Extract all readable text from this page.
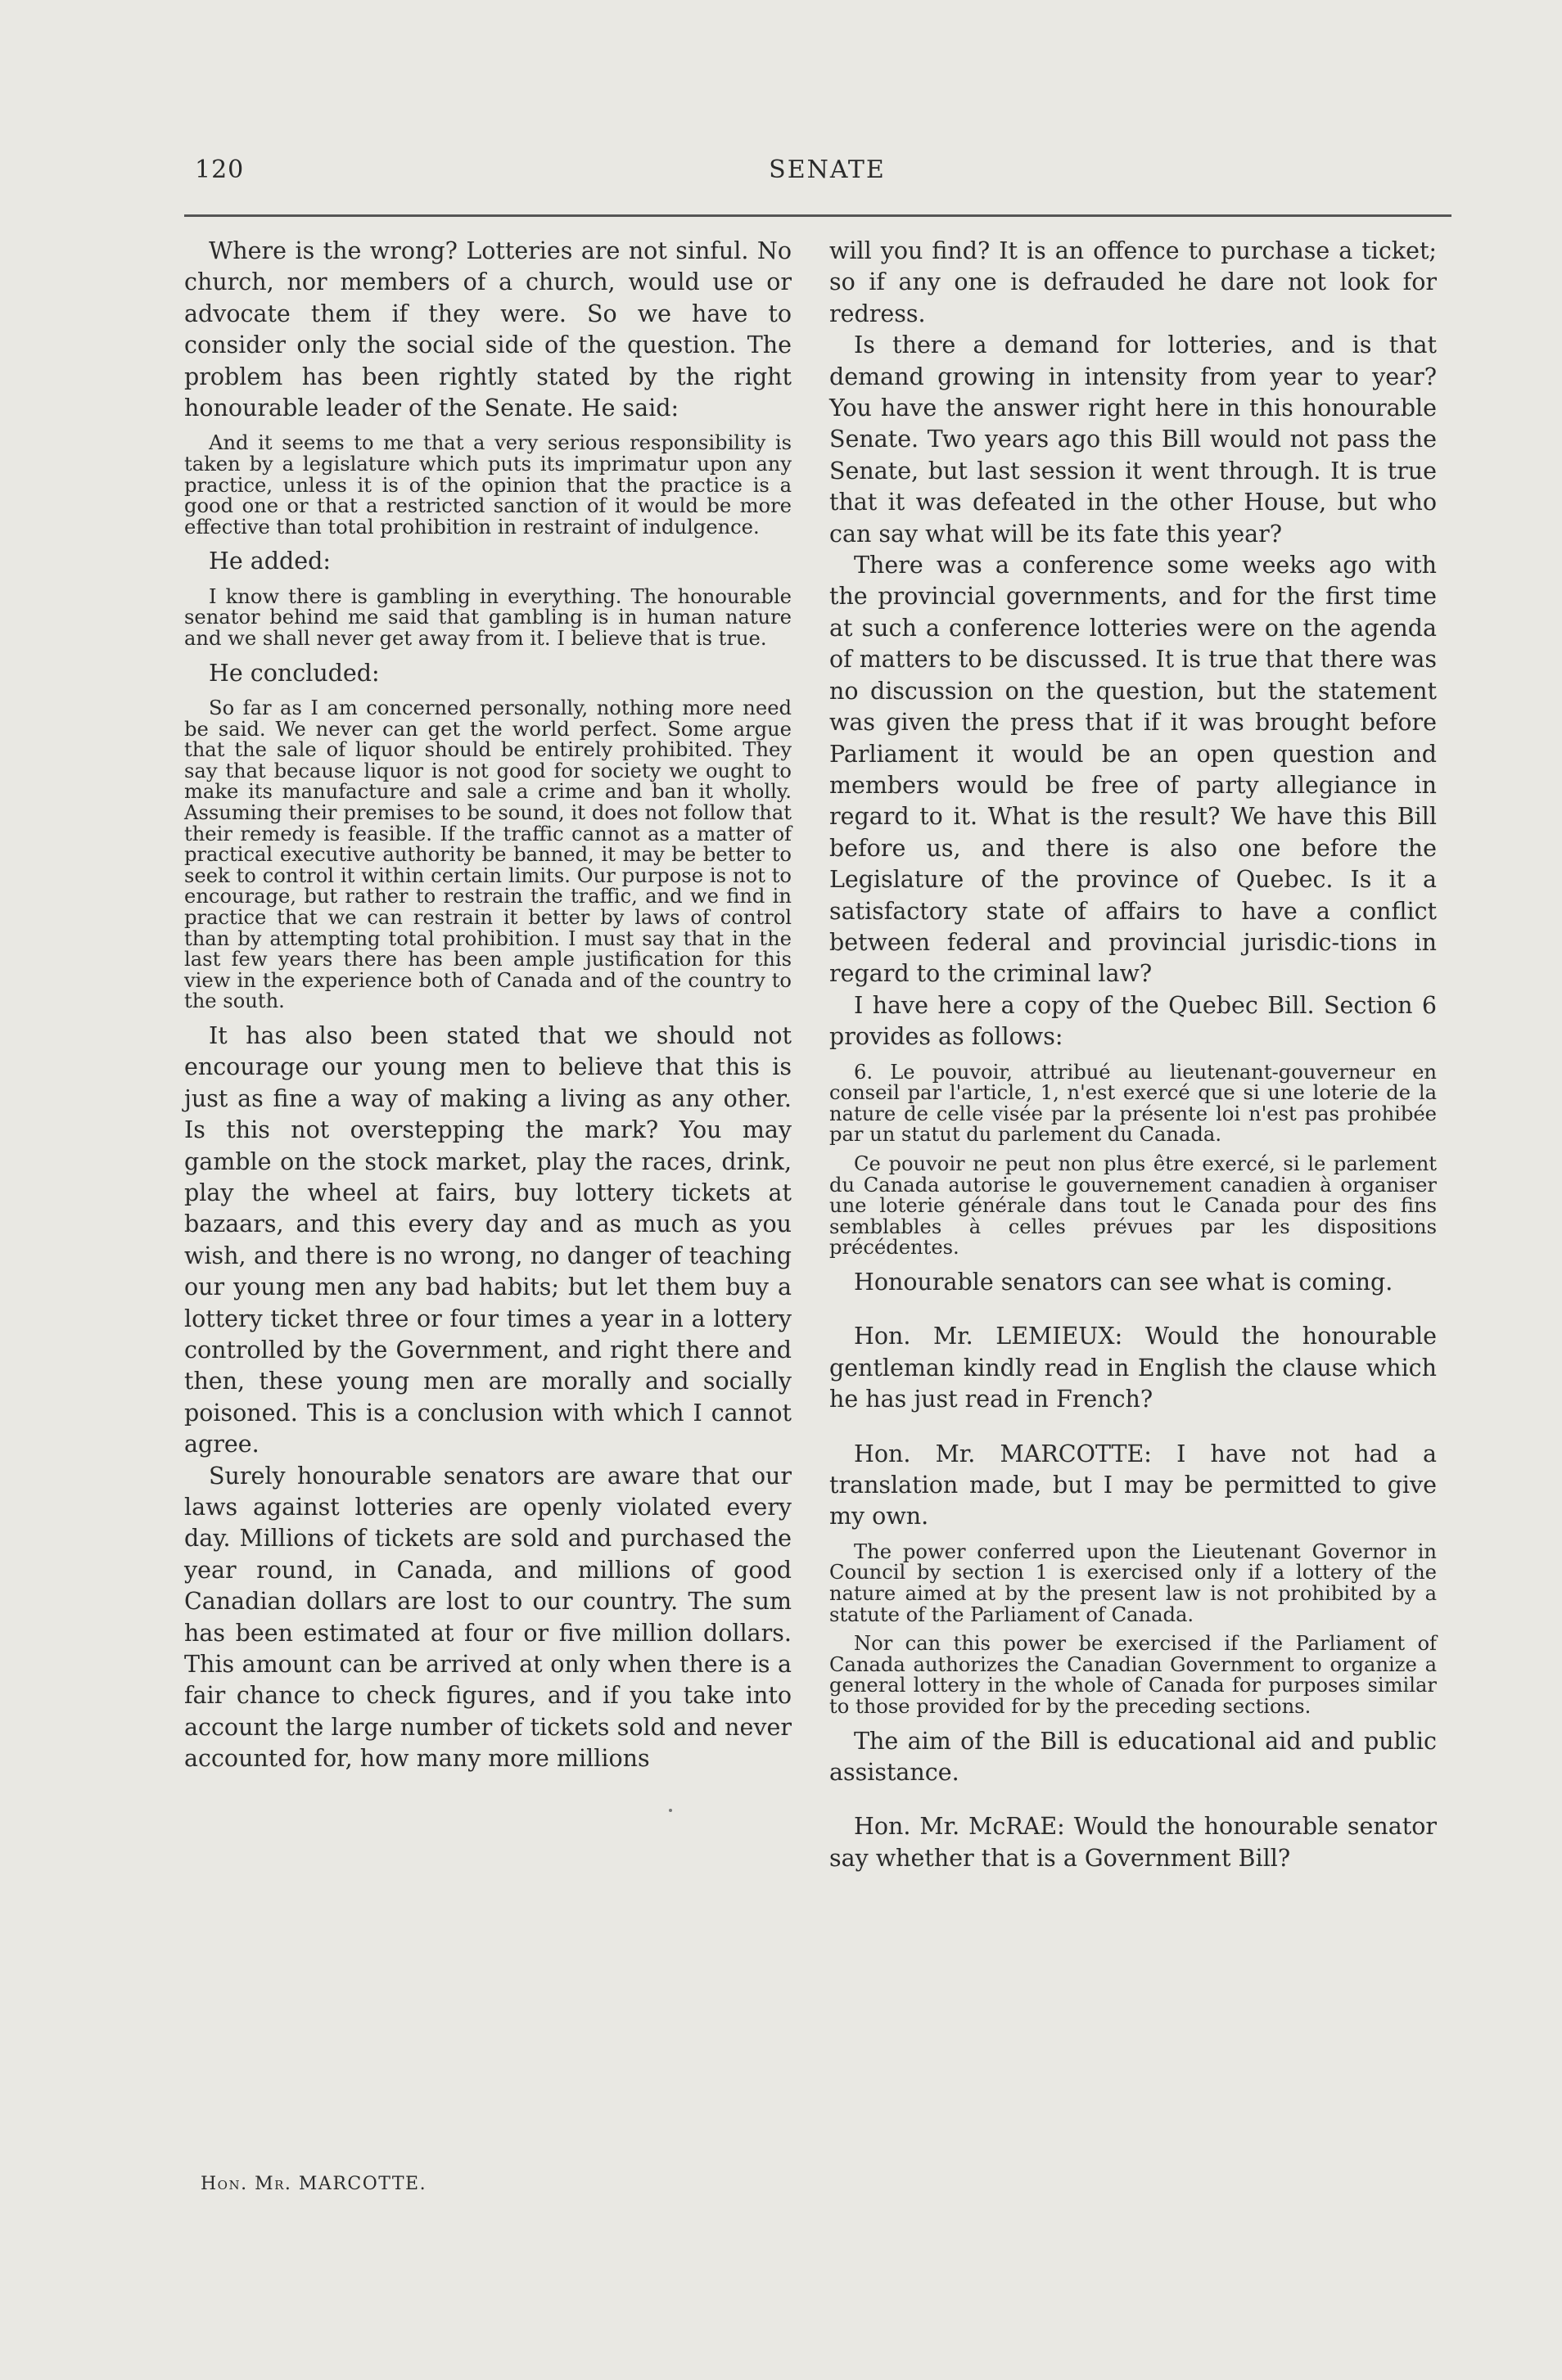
120	SENATE

Where is the wrong? Lotteries are not sinful. No church, nor members of a church, would use or advocate them if they were. So we have to consider only the social side of the question. The problem has been rightly stated by the right honourable leader of the Senate. He said:

And it seems to me that a very serious responsibility is taken by a legislature which puts its imprimatur upon any practice, unless it is of the opinion that the practice is a good one or that a restricted sanction of it would be more effective than total prohibition in restraint of indulgence.

He added:

I know there is gambling in everything. The honourable senator behind me said that gambling is in human nature and we shall never get away from it. I believe that is true.

He concluded:

So far as I am concerned personally, nothing more need be said. We never can get the world perfect. Some argue that the sale of liquor should be entirely prohibited. They say that because liquor is not good for society we ought to make its manufacture and sale a crime and ban it wholly. Assuming their premises to be sound, it does not follow that their remedy is feasible. If the traffic cannot as a matter of practical executive authority be banned, it may be better to seek to control it within certain limits. Our purpose is not to encourage, but rather to restrain the traffic, and we find in practice that we can restrain it better by laws of control than by attempting total prohibition. I must say that in the last few years there has been ample justification for this view in the experience both of Canada and of the country to the south.

It has also been stated that we should not encourage our young men to believe that this is just as fine a way of making a living as any other. Is this not overstepping the mark? You may gamble on the stock market, play the races, drink, play the wheel at fairs, buy lottery tickets at bazaars, and this every day and as much as you wish, and there is no wrong, no danger of teaching our young men any bad habits; but let them buy a lottery ticket three or four times a year in a lottery controlled by the Government, and right there and then, these young men are morally and socially poisoned. This is a conclusion with which I cannot agree.

Surely honourable senators are aware that our laws against lotteries are openly violated every day. Millions of tickets are sold and purchased the year round, in Canada, and millions of good Canadian dollars are lost to our country. The sum has been estimated at four or five million dollars. This amount can be arrived at only when there is a fair chance to check figures, and if you take into account the large number of tickets sold and never accounted for, how many more millions

will you find? It is an offence to purchase a ticket; so if any one is defrauded he dare not look for redress.

Is there a demand for lotteries, and is that demand growing in intensity from year to year? You have the answer right here in this honourable Senate. Two years ago this Bill would not pass the Senate, but last session it went through. It is true that it was defeated in the other House, but who can say what will be its fate this year?

There was a conference some weeks ago with the provincial governments, and for the first time at such a conference lotteries were on the agenda of matters to be discussed. It is true that there was no discussion on the question, but the statement was given the press that if it was brought before Parliament it would be an open question and members would be free of party allegiance in regard to it. What is the result? We have this Bill before us, and there is also one before the Legislature of the province of Quebec. Is it a satisfactory state of affairs to have a conflict between federal and provincial jurisdic-tions in regard to the criminal law?

I have here a copy of the Quebec Bill. Section 6 provides as follows:

6. Le pouvoir, attribué au lieutenant-gouverneur en conseil par l'article, 1, n'est exercé que si une loterie de la nature de celle visée par la présente loi n'est pas prohibée par un statut du parlement du Canada.

Ce pouvoir ne peut non plus être exercé, si le parlement du Canada autorise le gouvernement canadien à organiser une loterie générale dans tout le Canada pour des fins semblables à celles prévues par les dispositions précédentes.

Honourable senators can see what is coming.

Hon. Mr. LEMIEUX: Would the honourable gentleman kindly read in English the clause which he has just read in French?

Hon. Mr. MARCOTTE: I have not had a translation made, but I may be permitted to give my own.

The power conferred upon the Lieutenant Governor in Council by section 1 is exercised only if a lottery of the nature aimed at by the present law is not prohibited by a statute of the Parliament of Canada.

Nor can this power be exercised if the Parliament of Canada authorizes the Canadian Government to organize a general lottery in the whole of Canada for purposes similar to those provided for by the preceding sections.

The aim of the Bill is educational aid and public assistance.

Hon. Mr. McRAE: Would the honourable senator say whether that is a Government Bill?

Hon. Mr. MARCOTTE.
